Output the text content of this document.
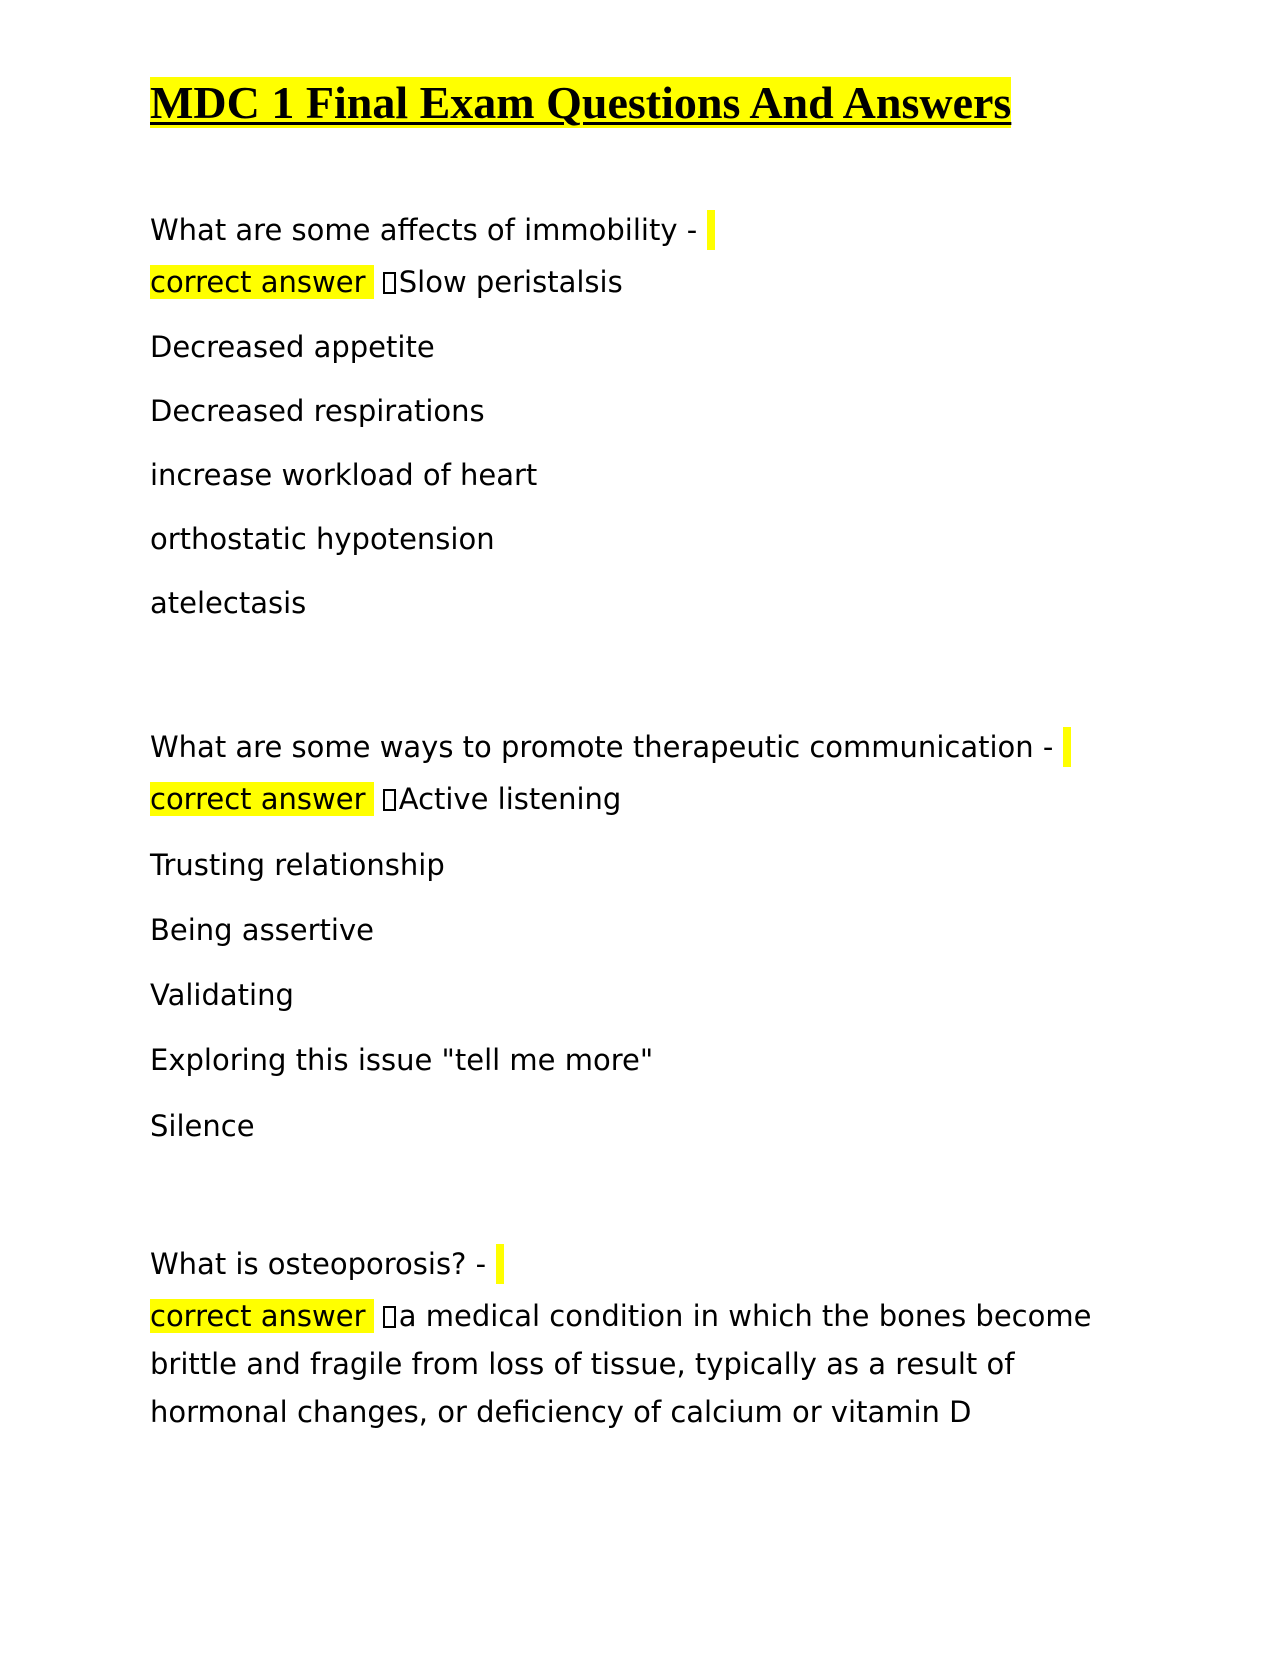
MDC 1 Final Exam Questions And Answers

What are some affects of immobility -

correct answer Slow peristalsis

Decreased appetite

Decreased respirations

increase workload of heart

orthostatic hypotension

atelectasis

What are some ways to promote therapeutic communication -

correct answer Active listening

Trusting relationship

Being assertive

Validating

Exploring this issue "tell me more"

Silence

What is osteoporosis? -

correct answer a medical condition in which the bones become brittle and fragile from loss of tissue, typically as a result of hormonal changes, or deficiency of calcium or vitamin D
